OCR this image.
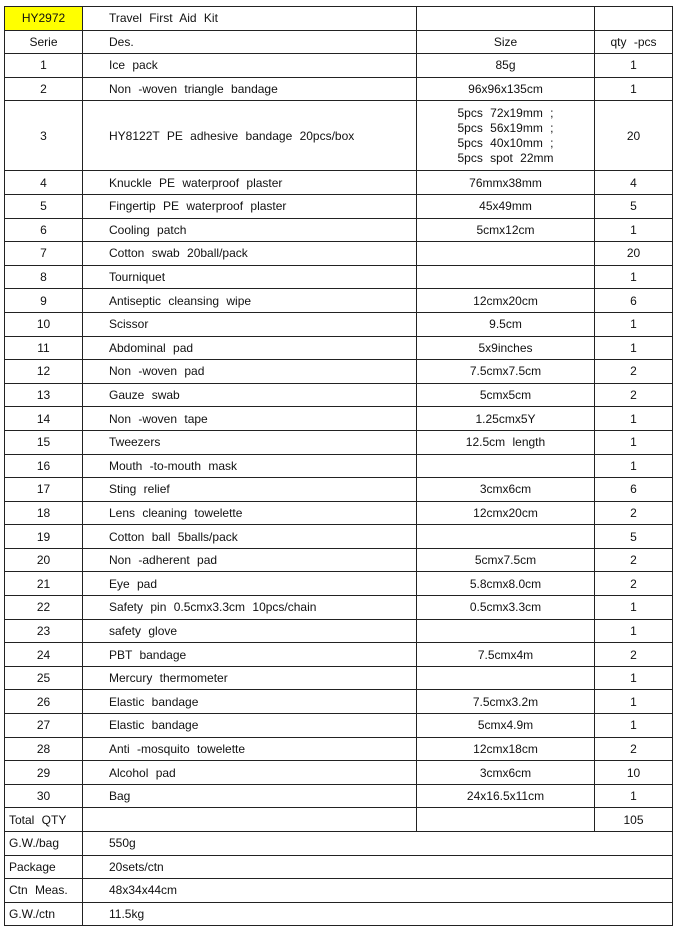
HY2972	Travel First Aid Kit		
Serie	Des.	Size	qty -pcs
1	Ice pack	85g	1
2	Non -woven triangle bandage	96x96x135cm	1
3	HY8122T PE adhesive bandage 20pcs/box	5pcs 72x19mm ;
5pcs 56x19mm ;
5pcs 40x10mm ;
5pcs spot 22mm	20
4	Knuckle PE waterproof plaster	76mmx38mm	4
5	Fingertip PE waterproof plaster	45x49mm	5
6	Cooling patch	5cmx12cm	1
7	Cotton swab 20ball/pack		20
8	Tourniquet		1
9	Antiseptic cleansing wipe	12cmx20cm	6
10	Scissor	9.5cm	1
11	Abdominal pad	5x9inches	1
12	Non -woven pad	7.5cmx7.5cm	2
13	Gauze swab	5cmx5cm	2
14	Non -woven tape	1.25cmx5Y	1
15	Tweezers	12.5cm length	1
16	Mouth -to-mouth mask		1
17	Sting relief	3cmx6cm	6
18	Lens cleaning towelette	12cmx20cm	2
19	Cotton ball 5balls/pack		5
20	Non -adherent pad	5cmx7.5cm	2
21	Eye pad	5.8cmx8.0cm	2
22	Safety pin 0.5cmx3.3cm 10pcs/chain	0.5cmx3.3cm	1
23	safety glove		1
24	PBT bandage	7.5cmx4m	2
25	Mercury thermometer		1
26	Elastic bandage	7.5cmx3.2m	1
27	Elastic bandage	5cmx4.9m	1
28	Anti -mosquito towelette	12cmx18cm	2
29	Alcohol pad	3cmx6cm	10
30	Bag	24x16.5x11cm	1
Total QTY			105
G.W./bag	550g		
Package	20sets/ctn		
Ctn Meas.	48x34x44cm		
G.W./ctn	11.5kg		
